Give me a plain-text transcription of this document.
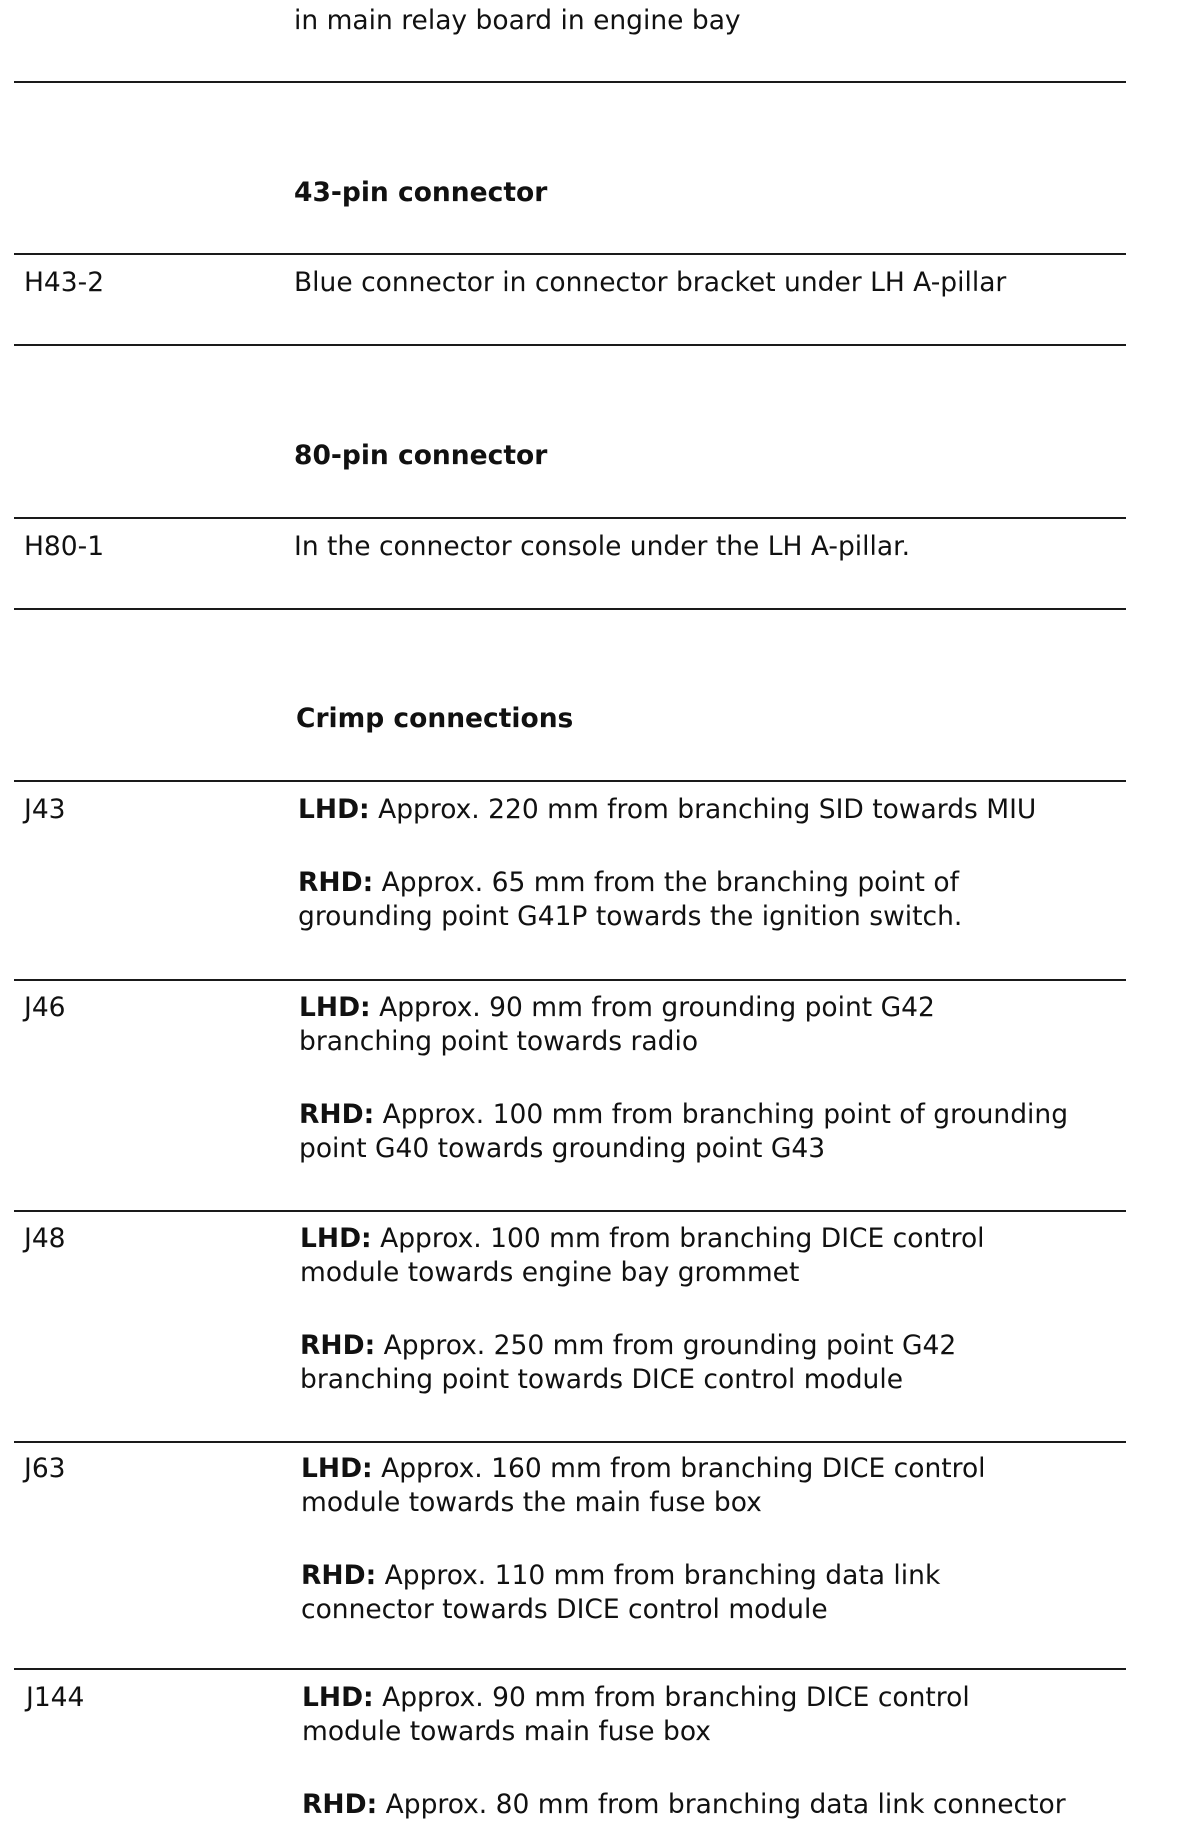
in main relay board in engine bay
43-pin connector
H43-2	Blue connector in connector bracket under LH A-pillar
80-pin connector
H80-1	In the connector console under the LH A-pillar.
Crimp connections
J43	LHD: Approx. 220 mm from branching SID towards MIU
RHD: Approx. 65 mm from the branching point of
grounding point G41P towards the ignition switch.
J46	LHD: Approx. 90 mm from grounding point G42
branching point towards radio
RHD: Approx. 100 mm from branching point of grounding
point G40 towards grounding point G43
J48	LHD: Approx. 100 mm from branching DICE control
module towards engine bay grommet
RHD: Approx. 250 mm from grounding point G42
branching point towards DICE control module
J63	LHD: Approx. 160 mm from branching DICE control
module towards the main fuse box
RHD: Approx. 110 mm from branching data link
connector towards DICE control module
J144	LHD: Approx. 90 mm from branching DICE control
module towards main fuse box
RHD: Approx. 80 mm from branching data link connector
